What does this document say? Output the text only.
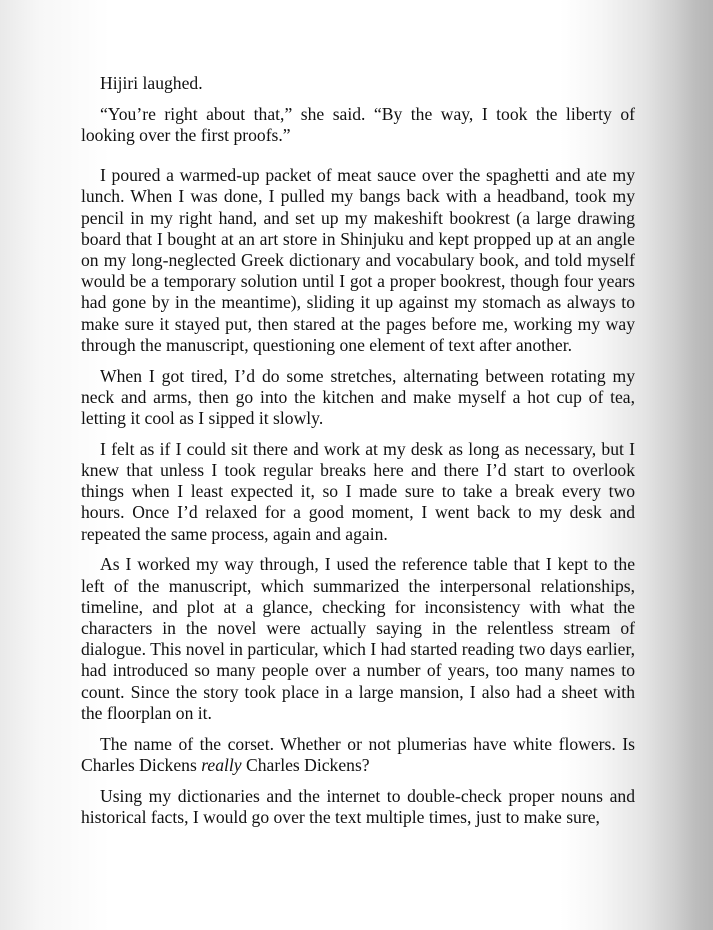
Hijiri laughed.

“You’re right about that,” she said. “By the way, I took the liberty of looking over the first proofs.”

I poured a warmed-up packet of meat sauce over the spaghetti and ate my lunch. When I was done, I pulled my bangs back with a headband, took my pencil in my right hand, and set up my makeshift bookrest (a large drawing board that I bought at an art store in Shinjuku and kept propped up at an angle on my long-neglected Greek dictionary and vocabulary book, and told myself would be a temporary solution until I got a proper bookrest, though four years had gone by in the meantime), sliding it up against my stomach as always to make sure it stayed put, then stared at the pages before me, working my way through the manuscript, questioning one element of text after another.

When I got tired, I’d do some stretches, alternating between rotating my neck and arms, then go into the kitchen and make myself a hot cup of tea, letting it cool as I sipped it slowly.

I felt as if I could sit there and work at my desk as long as necessary, but I knew that unless I took regular breaks here and there I’d start to overlook things when I least expected it, so I made sure to take a break every two hours. Once I’d relaxed for a good moment, I went back to my desk and repeated the same process, again and again.

As I worked my way through, I used the reference table that I kept to the left of the manuscript, which summarized the interpersonal relationships, timeline, and plot at a glance, checking for inconsistency with what the characters in the novel were actually saying in the relentless stream of dialogue. This novel in particular, which I had started reading two days earlier, had introduced so many people over a number of years, too many names to count. Since the story took place in a large mansion, I also had a sheet with the floorplan on it.

The name of the corset. Whether or not plumerias have white flowers. Is Charles Dickens really Charles Dickens?

Using my dictionaries and the internet to double-check proper nouns and historical facts, I would go over the text multiple times, just to make sure,
